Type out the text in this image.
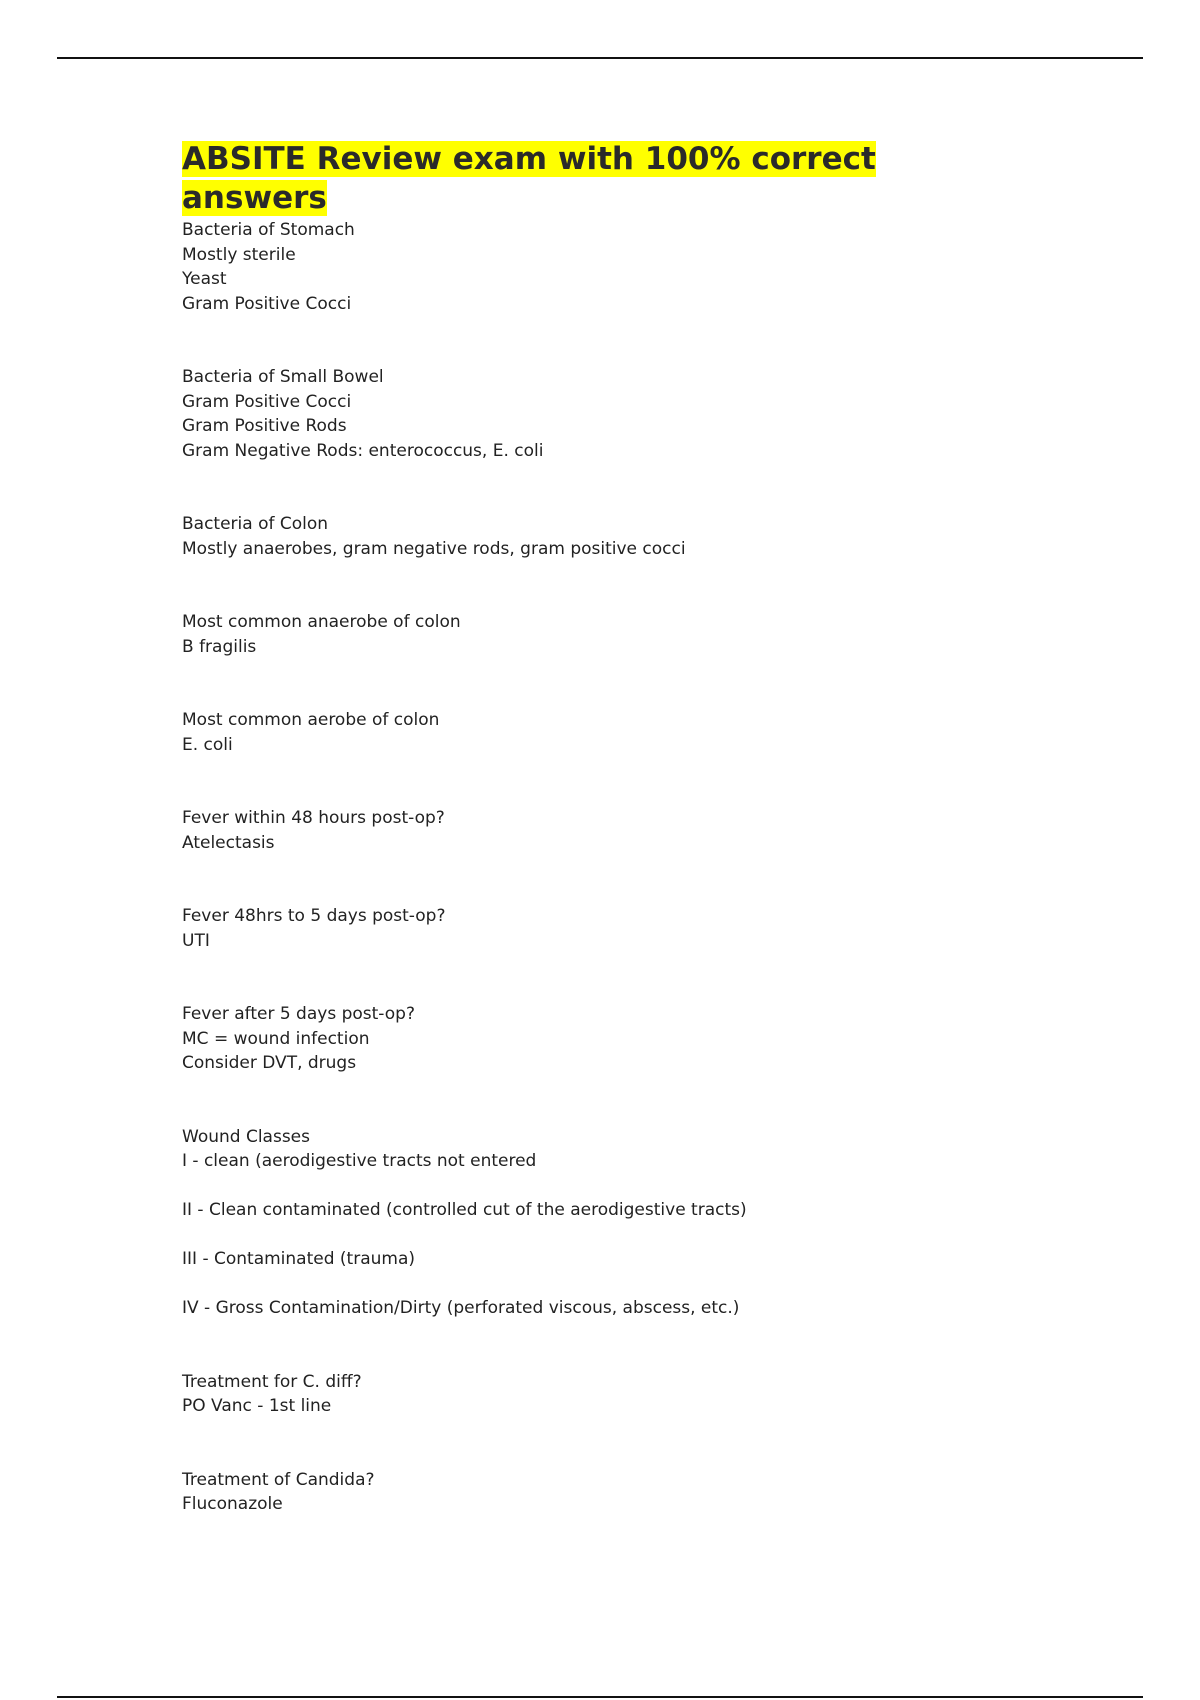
ABSITE Review exam with 100% correct
answers
Bacteria of Stomach
Mostly sterile
Yeast
Gram Positive Cocci
Bacteria of Small Bowel
Gram Positive Cocci
Gram Positive Rods
Gram Negative Rods: enterococcus, E. coli
Bacteria of Colon
Mostly anaerobes, gram negative rods, gram positive cocci
Most common anaerobe of colon
B fragilis
Most common aerobe of colon
E. coli
Fever within 48 hours post-op?
Atelectasis
Fever 48hrs to 5 days post-op?
UTI
Fever after 5 days post-op?
MC = wound infection
Consider DVT, drugs
Wound Classes
I - clean (aerodigestive tracts not entered
II - Clean contaminated (controlled cut of the aerodigestive tracts)
III - Contaminated (trauma)
IV - Gross Contamination/Dirty (perforated viscous, abscess, etc.)
Treatment for C. diff?
PO Vanc - 1st line
Treatment of Candida?
Fluconazole
